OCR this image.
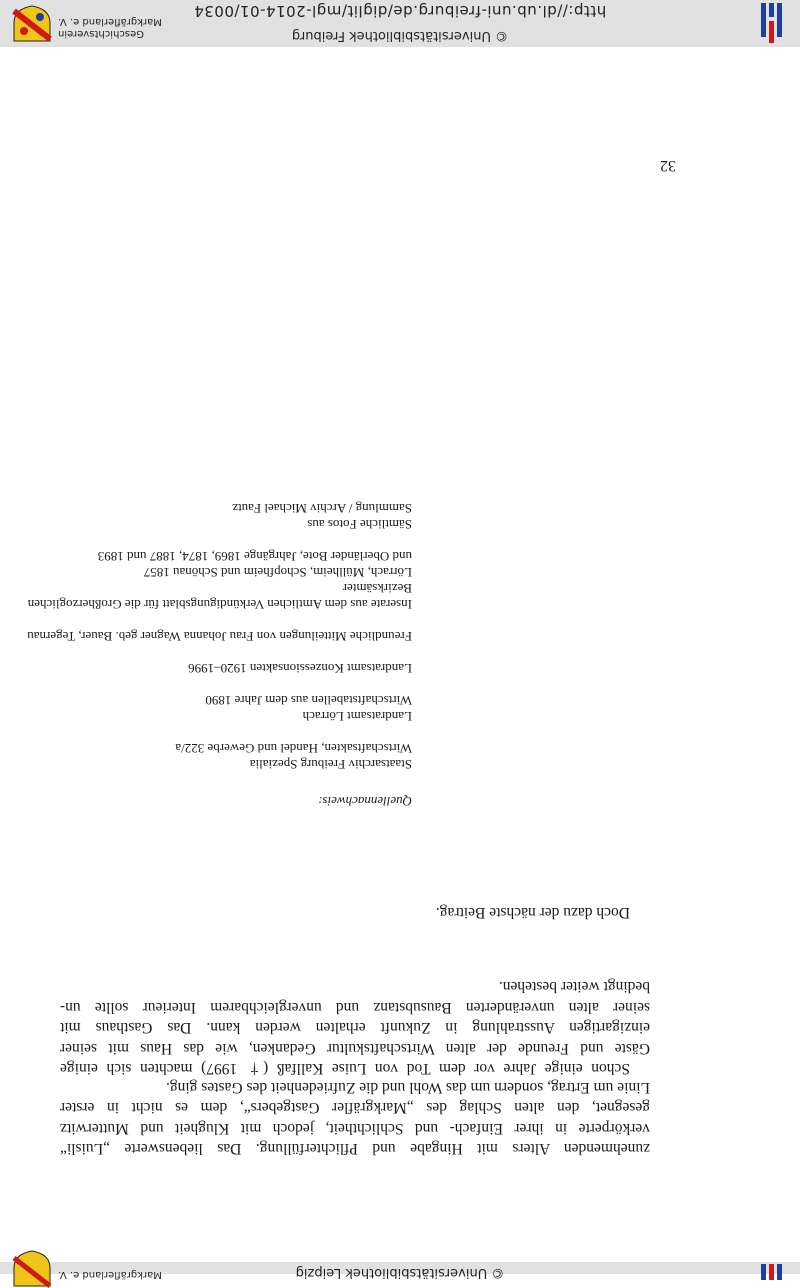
© Universitätsbibliothek Leipzig
Markgräflerland e. V.

zunehmenden Alters mit Hingabe und Pflichterfüllung. Das liebenswerte „Luisli“
verkörperte in ihrer Einfach- und Schlichtheit, jedoch mit Klugheit und Mutterwitz
gesegnet, den alten Schlag des „Markgräfler Gastgebers“, dem es nicht in erster
Linie um Ertrag, sondern um das Wohl und die Zufriedenheit des Gastes ging.

Schon einige Jahre vor dem Tod von Luise Kallfaß († 1997) machten sich einige
Gäste und Freunde der alten Wirtschaftskultur Gedanken, wie das Haus mit seiner
einzigartigen Ausstrahlung in Zukunft erhalten werden kann. Das Gasthaus mit
seiner alten unveränderten Bausubstanz und unvergleichbarem Interieur sollte un-
bedingt weiter bestehen.

Doch dazu der nächste Beitrag.

Quellennachweis:

Staatsarchiv Freiburg Spezialia
Wirtschaftsakten, Handel und Gewerbe 322/a

Landratsamt Lörrach
Wirtschaftstabellen aus dem Jahre 1890

Landratsamt Konzessionsakten 1920–1996

Freundliche Mitteilungen von Frau Johanna Wagner geb. Bauer, Tegernau

Inserate aus dem Amtlichen Verkündigungsblatt für die Großherzoglichen Bezirksämter
Lörrach, Müllheim, Schopfheim und Schönau 1857
und Oberländer Bote, Jahrgänge 1869, 1874, 1887 und 1893

Sämtliche Fotos aus
Sammlung / Archiv Michael Fautz
32
© Universitätsbibliothek Freiburg
http://dl.ub.uni-freiburg.de/diglit/mgl-2014-01/0034
Geschichtsverein
Markgräflerland e. V.
